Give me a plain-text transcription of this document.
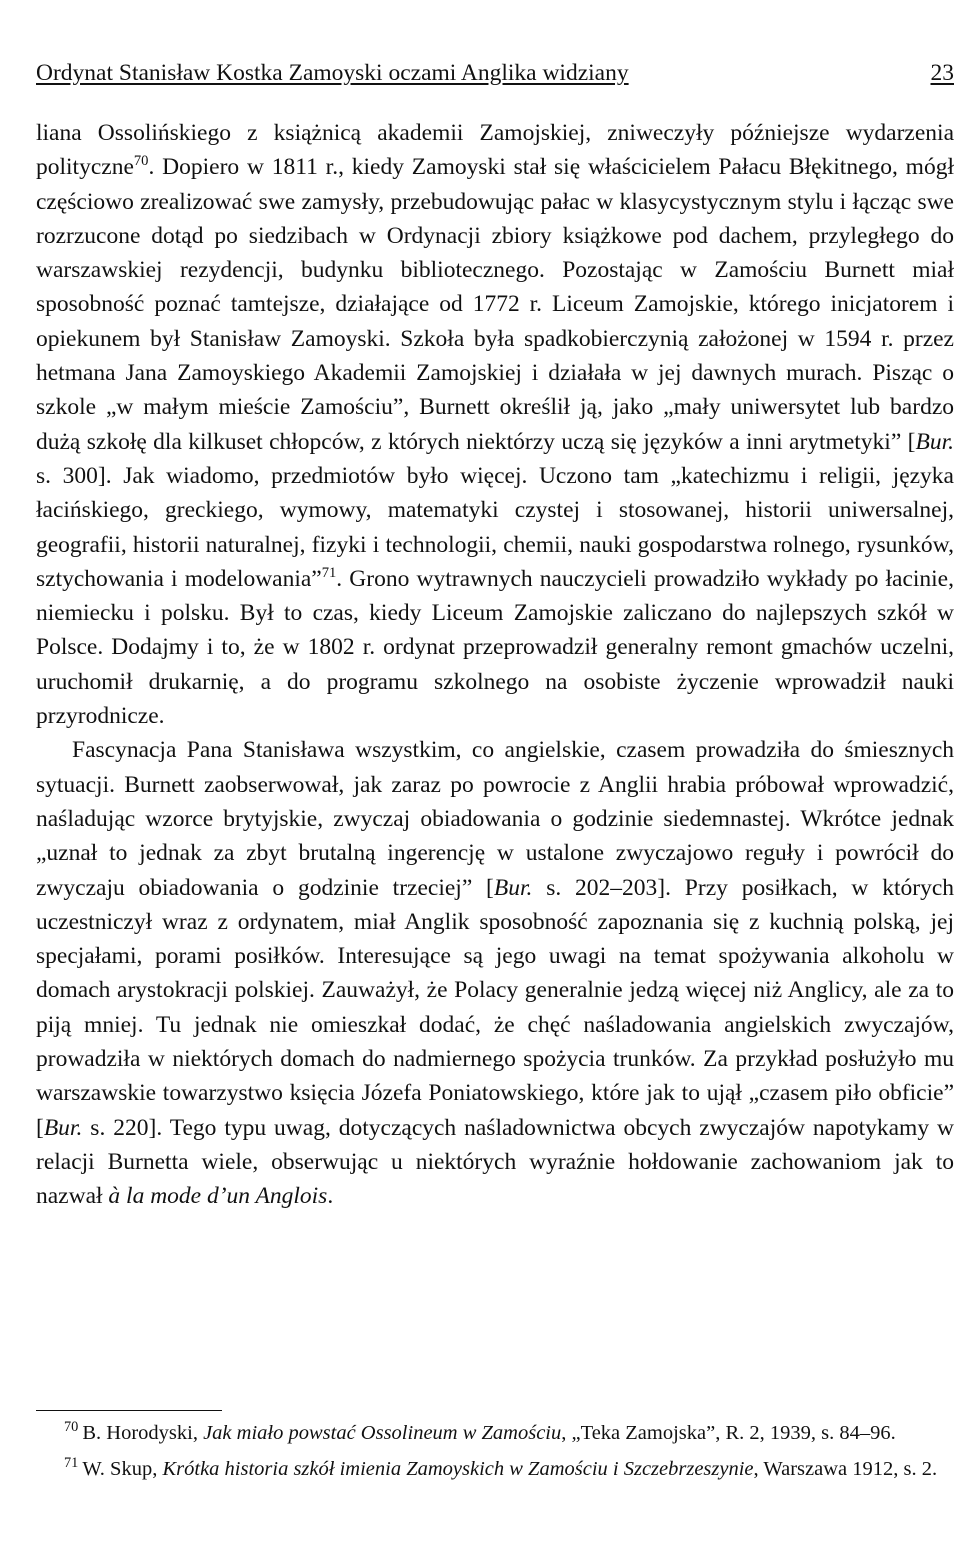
Ordynat Stanisław Kostka Zamoyski oczami Anglika widziany	23

liana Ossolińskiego z książnicą akademii Zamojskiej, zniweczyły późniejsze wydarzenia polityczne$^{70}$. Dopiero w 1811 r., kiedy Zamoyski stał się właścicielem Pałacu Błękitnego, mógł częściowo zrealizować swe zamysły, przebudowując pałac w klasycystycznym stylu i łącząc swe rozrzucone dotąd po siedzibach w Ordynacji zbiory książkowe pod dachem, przyległego do warszawskiej rezydencji, budynku bibliotecznego. Pozostając w Zamościu Burnett miał sposobność poznać tamtejsze, działające od 1772 r. Liceum Zamojskie, którego inicjatorem i opiekunem był Stanisław Zamoyski. Szkoła była spadkobierczynią założonej w 1594 r. przez hetmana Jana Zamoyskiego Akademii Zamojskiej i działała w jej dawnych murach. Pisząc o szkole „w małym mieście Zamościu”, Burnett określił ją, jako „mały uniwersytet lub bardzo dużą szkołę dla kilkuset chłopców, z których niektórzy uczą się języków a inni arytmetyki” [Bur. s. 300]. Jak wiadomo, przedmiotów było więcej. Uczono tam „katechizmu i religii, języka łacińskiego, greckiego, wymowy, matematyki czystej i stosowanej, historii uniwersalnej, geografii, historii naturalnej, fizyki i technologii, chemii, nauki gospodarstwa rolnego, rysunków, sztychowania i modelowania”$^{71}$. Grono wytrawnych nauczycieli prowadziło wykłady po łacinie, niemiecku i polsku. Był to czas, kiedy Liceum Zamojskie zaliczano do najlepszych szkół w Polsce. Dodajmy i to, że w 1802 r. ordynat przeprowadził generalny remont gmachów uczelni, uruchomił drukarnię, a do programu szkolnego na osobiste życzenie wprowadził nauki przyrodnicze.

Fascynacja Pana Stanisława wszystkim, co angielskie, czasem prowadziła do śmiesznych sytuacji. Burnett zaobserwował, jak zaraz po powrocie z Anglii hrabia próbował wprowadzić, naśladując wzorce brytyjskie, zwyczaj obiadowania o godzinie siedemnastej. Wkrótce jednak „uznał to jednak za zbyt brutalną ingerencję w ustalone zwyczajowo reguły i powrócił do zwyczaju obiadowania o godzinie trzeciej” [Bur. s. 202–203]. Przy posiłkach, w których uczestniczył wraz z ordynatem, miał Anglik sposobność zapoznania się z kuchnią polską, jej specjałami, porami posiłków. Interesujące są jego uwagi na temat spożywania alkoholu w domach arystokracji polskiej. Zauważył, że Polacy generalnie jedzą więcej niż Anglicy, ale za to piją mniej. Tu jednak nie omieszkał dodać, że chęć naśladowania angielskich zwyczajów, prowadziła w niektórych domach do nadmiernego spożycia trunków. Za przykład posłużyło mu warszawskie towarzystwo księcia Józefa Poniatowskiego, które jak to ujął „czasem piło obficie” [Bur. s. 220]. Tego typu uwag, dotyczących naśladownictwa obcych zwyczajów napotykamy w relacji Burnetta wiele, obserwując u niektórych wyraźnie hołdowanie zachowaniom jak to nazwał à la mode d’un Anglois.

$^{70}$ B. Horodyski, Jak miało powstać Ossolineum w Zamościu, „Teka Zamojska”, R. 2, 1939, s. 84–96.

$^{71}$ W. Skup, Krótka historia szkół imienia Zamoyskich w Zamościu i Szczebrzeszynie, Warszawa 1912, s. 2.
